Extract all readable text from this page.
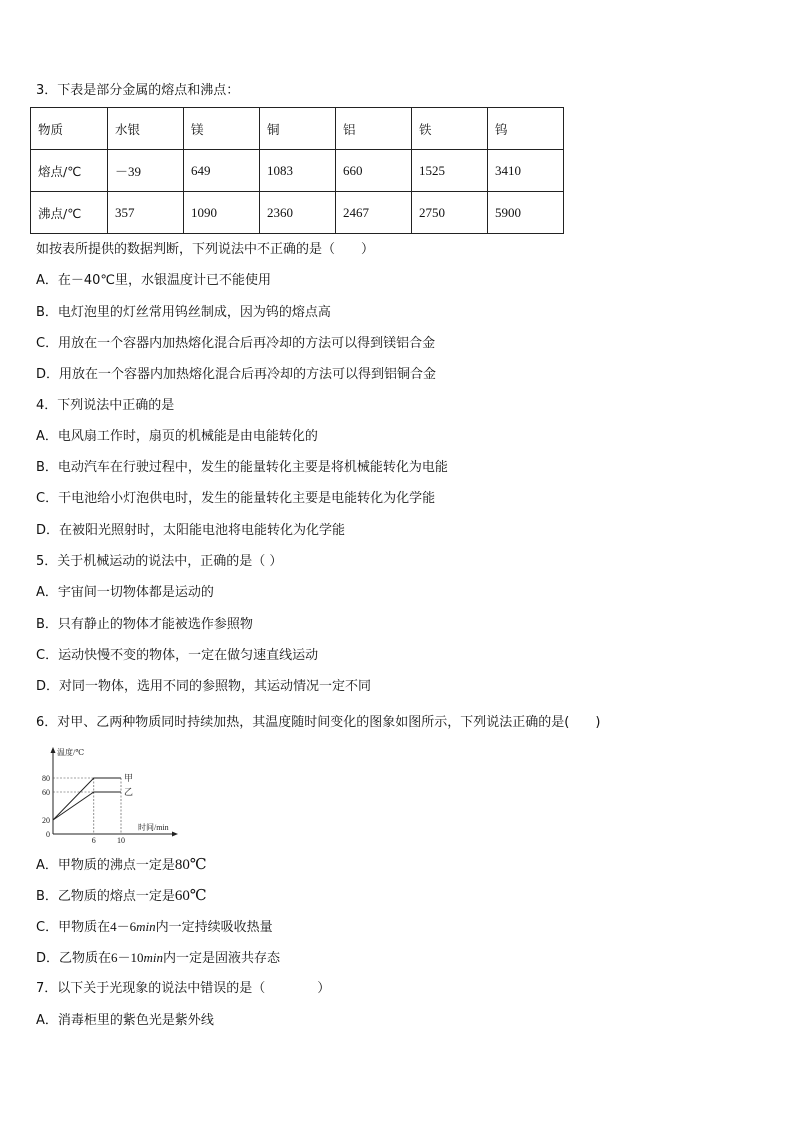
3．下表是部分金属的熔点和沸点：
物质	水银	镁	铜	铝	铁	钨
熔点/℃	－39	649	1083	660	1525	3410
沸点/℃	357	1090	2360	2467	2750	5900
如按表所提供的数据判断，下列说法中不正确的是（　　）
A．在－40℃里，水银温度计已不能使用
B．电灯泡里的灯丝常用钨丝制成，因为钨的熔点高
C．用放在一个容器内加热熔化混合后再冷却的方法可以得到镁铝合金
D．用放在一个容器内加热熔化混合后再冷却的方法可以得到铝铜合金
4．下列说法中正确的是
A．电风扇工作时，扇页的机械能是由电能转化的
B．电动汽车在行驶过程中，发生的能量转化主要是将机械能转化为电能
C．干电池给小灯泡供电时，发生的能量转化主要是电能转化为化学能
D．在被阳光照射时，太阳能电池将电能转化为化学能
5．关于机械运动的说法中，正确的是（ ）
A．宇宙间一切物体都是运动的
B．只有静止的物体才能被选作参照物
C．运动快慢不变的物体，一定在做匀速直线运动
D．对同一物体，选用不同的参照物，其运动情况一定不同
6．对甲、乙两种物质同时持续加热，其温度随时间变化的图象如图所示，下列说法正确的是(　　)
温度/℃
时间/min
80
60
20
0
6	10
甲
乙
A．甲物质的沸点一定是80℃
B．乙物质的熔点一定是60℃
C．甲物质在4－6min内一定持续吸收热量
D．乙物质在6－10min内一定是固液共存态
7．以下关于光现象的说法中错误的是（　　　　）
A．消毒柜里的紫色光是紫外线
